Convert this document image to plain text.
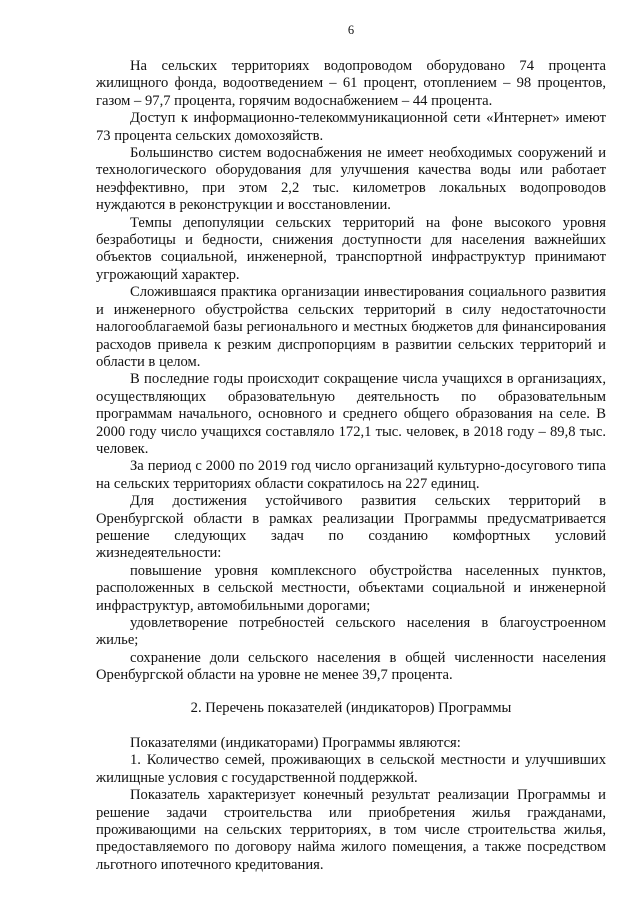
6

На сельских территориях водопроводом оборудовано 74 процента жилищного фонда, водоотведением – 61 процент, отоплением – 98 процентов, газом – 97,7 процента, горячим водоснабжением – 44 процента.

Доступ к информационно-телекоммуникационной сети «Интернет» имеют 73 процента сельских домохозяйств.

Большинство систем водоснабжения не имеет необходимых сооружений и технологического оборудования для улучшения качества воды или работает неэффективно, при этом 2,2 тыс. километров локальных водопроводов нуждаются в реконструкции и восстановлении.

Темпы депопуляции сельских территорий на фоне высокого уровня безработицы и бедности, снижения доступности для населения важнейших объектов социальной, инженерной, транспортной инфраструктур принимают угрожающий характер.

Сложившаяся практика организации инвестирования социального развития и инженерного обустройства сельских территорий в силу недостаточности налогооблагаемой базы регионального и местных бюджетов для финансирования расходов привела к резким диспропорциям в развитии сельских территорий и области в целом.

В последние годы происходит сокращение числа учащихся в организациях, осуществляющих образовательную деятельность по образовательным программам начального, основного и среднего общего образования на селе. В 2000 году число учащихся составляло 172,1 тыс. человек, в 2018 году – 89,8 тыс. человек.

За период с 2000 по 2019 год число организаций культурно-досугового типа на сельских территориях области сократилось на 227 единиц.

Для достижения устойчивого развития сельских территорий в Оренбургской области в рамках реализации Программы предусматривается решение следующих задач по созданию комфортных условий жизнедеятельности:

повышение уровня комплексного обустройства населенных пунктов, расположенных в сельской местности, объектами социальной и инженерной инфраструктур, автомобильными дорогами;

удовлетворение потребностей сельского населения в благоустроенном жилье;

сохранение доли сельского населения в общей численности населения Оренбургской области на уровне не менее 39,7 процента.

2. Перечень показателей (индикаторов) Программы

Показателями (индикаторами) Программы являются:

1. Количество семей, проживающих в сельской местности и улучшивших жилищные условия с государственной поддержкой.

Показатель характеризует конечный результат реализации Программы и решение задачи строительства или приобретения жилья гражданами, проживающими на сельских территориях, в том числе строительства жилья, предоставляемого по договору найма жилого помещения, а также посредством льготного ипотечного кредитования.
